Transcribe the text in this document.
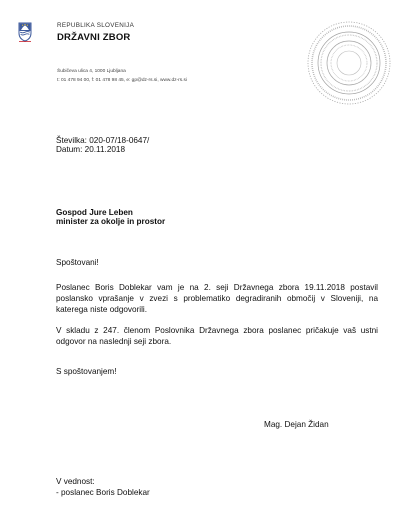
REPUBLIKA SLOVENIJA
DRŽAVNI ZBOR
Šubičeva ulica 4, 1000 Ljubljana
t: 01 478 94 00, f: 01 478 98 45, e: gp@dz-rs.si, www.dz-rs.si
Številka: 020-07/18-0647/
Datum: 20.11.2018
Gospod Jure Leben
minister za okolje in prostor
Spoštovani!
Poslanec Boris Doblekar vam je na 2. seji Državnega zbora 19.11.2018 postavil poslansko vprašanje v zvezi s problematiko degradiranih območij v Sloveniji, na katerega niste odgovorili.
V skladu z 247. členom Poslovnika Državnega zbora poslanec pričakuje vaš ustni odgovor na naslednji seji zbora.
S spoštovanjem!
Mag. Dejan Židan
V vednost:
- poslanec Boris Doblekar
